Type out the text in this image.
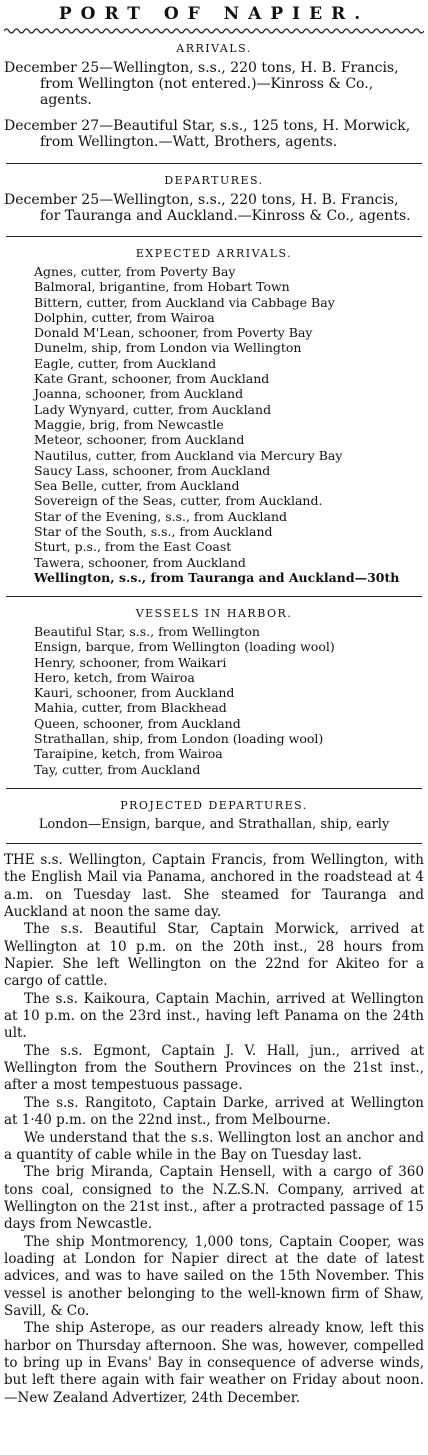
PORT OF NAPIER.
ARRIVALS.
December 25—Wellington, s.s., 220 tons, H. B. Francis,
from Wellington (not entered.)—Kinross & Co.,
agents.
December 27—Beautiful Star, s.s., 125 tons, H. Morwick,
from Wellington.—Watt, Brothers, agents.
DEPARTURES.
December 25—Wellington, s.s., 220 tons, H. B. Francis,
for Tauranga and Auckland.—Kinross & Co., agents.
EXPECTED ARRIVALS.
Agnes, cutter, from Poverty Bay
Balmoral, brigantine, from Hobart Town
Bittern, cutter, from Auckland via Cabbage Bay
Dolphin, cutter, from Wairoa
Donald M'Lean, schooner, from Poverty Bay
Dunelm, ship, from London via Wellington
Eagle, cutter, from Auckland
Kate Grant, schooner, from Auckland
Joanna, schooner, from Auckland
Lady Wynyard, cutter, from Auckland
Maggie, brig, from Newcastle
Meteor, schooner, from Auckland
Nautilus, cutter, from Auckland via Mercury Bay
Saucy Lass, schooner, from Auckland
Sea Belle, cutter, from Auckland
Sovereign of the Seas, cutter, from Auckland.
Star of the Evening, s.s., from Auckland
Star of the South, s.s., from Auckland
Sturt, p.s., from the East Coast
Tawera, schooner, from Auckland
Wellington, s.s., from Tauranga and Auckland—30th
VESSELS IN HARBOR.
Beautiful Star, s.s., from Wellington
Ensign, barque, from Wellington (loading wool)
Henry, schooner, from Waikari
Hero, ketch, from Wairoa
Kauri, schooner, from Auckland
Mahia, cutter, from Blackhead
Queen, schooner, from Auckland
Strathallan, ship, from London (loading wool)
Taraipine, ketch, from Wairoa
Tay, cutter, from Auckland
PROJECTED DEPARTURES.
London—Ensign, barque, and Strathallan, ship, early

THE s.s. Wellington, Captain Francis, from Wellington, with the English Mail via Panama, anchored in the roadstead at 4 a.m. on Tuesday last. She steamed for Tauranga and Auckland at noon the same day.

The s.s. Beautiful Star, Captain Morwick, arrived at Wellington at 10 p.m. on the 20th inst., 28 hours from Napier. She left Wellington on the 22nd for Akiteo for a cargo of cattle.

The s.s. Kaikoura, Captain Machin, arrived at Wellington at 10 p.m. on the 23rd inst., having left Panama on the 24th ult.

The s.s. Egmont, Captain J. V. Hall, jun., arrived at Wellington from the Southern Provinces on the 21st inst., after a most tempestuous passage.

The s.s. Rangitoto, Captain Darke, arrived at Wellington at 1·40 p.m. on the 22nd inst., from Melbourne.

We understand that the s.s. Wellington lost an anchor and a quantity of cable while in the Bay on Tuesday last.

The brig Miranda, Captain Hensell, with a cargo of 360 tons coal, consigned to the N.Z.S.N. Company, arrived at Wellington on the 21st inst., after a protracted passage of 15 days from Newcastle.

The ship Montmorency, 1,000 tons, Captain Cooper, was loading at London for Napier direct at the date of latest advices, and was to have sailed on the 15th November. This vessel is another belonging to the well-known firm of Shaw, Savill, & Co.

The ship Asterope, as our readers already know, left this harbor on Thursday afternoon. She was, however, compelled to bring up in Evans' Bay in consequence of adverse winds, but left there again with fair weather on Friday about noon.—New Zealand Advertizer, 24th December.
